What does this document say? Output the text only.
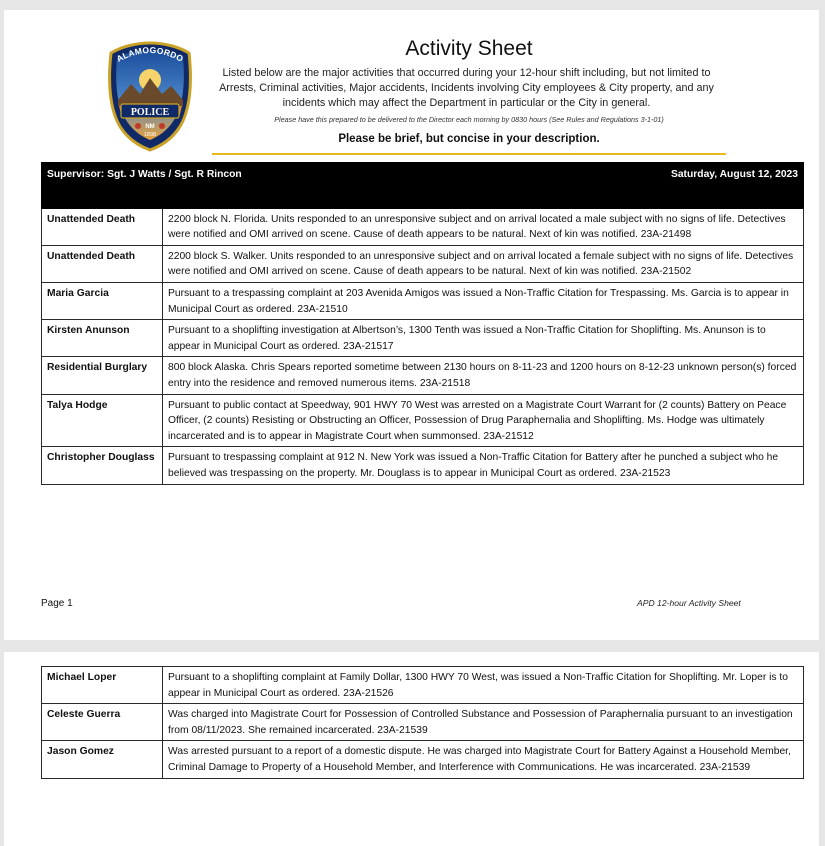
POLICE
ALAMOGORDO
NM
1898
Activity Sheet
Listed below are the major activities that occurred during your 12-hour shift including, but not limited to Arrests, Criminal activities, Major accidents, Incidents involving City employees & City property, and any incidents which may affect the Department in particular or the City in general.
Please have this prepared to be delivered to the Director each morning by 0830 hours (See Rules and Regulations 3-1-01)
Please be brief, but concise in your description.
Supervisor: Sgt. J Watts / Sgt. R Rincon		Saturday, August 12, 2023

Unattended Death	2200 block N. Florida. Units responded to an unresponsive subject and on arrival located a male subject with no signs of life. Detectives were notified and OMI arrived on scene. Cause of death appears to be natural. Next of kin was notified. 23A-21498	
Unattended Death	2200 block S. Walker. Units responded to an unresponsive subject and on arrival located a female subject with no signs of life. Detectives were notified and OMI arrived on scene. Cause of death appears to be natural. Next of kin was notified. 23A-21502	
Maria Garcia	Pursuant to a trespassing complaint at 203 Avenida Amigos was issued a Non-Traffic Citation for Trespassing. Ms. Garcia is to appear in Municipal Court as ordered. 23A-21510	
Kirsten Anunson	Pursuant to a shoplifting investigation at Albertson’s, 1300 Tenth was issued a Non-Traffic Citation for Shoplifting. Ms. Anunson is to appear in Municipal Court as ordered. 23A-21517	
Residential Burglary	800 block Alaska. Chris Spears reported sometime between 2130 hours on 8-11-23 and 1200 hours on 8-12-23 unknown person(s) forced entry into the residence and removed numerous items. 23A-21518	
Talya Hodge	Pursuant to public contact at Speedway, 901 HWY 70 West was arrested on a Magistrate Court Warrant for (2 counts) Battery on Peace Officer, (2 counts) Resisting or Obstructing an Officer, Possession of Drug Paraphernalia and Shoplifting. Ms. Hodge was ultimately incarcerated and is to appear in Magistrate Court when summonsed. 23A-21512	
Christopher Douglass	Pursuant to trespassing complaint at 912 N. New York was issued a Non-Traffic Citation for Battery after he punched a subject who he believed was trespassing on the property. Mr. Douglass is to appear in Municipal Court as ordered. 23A-21523	
Page 1	APD 12-hour Activity Sheet
Michael Loper	Pursuant to a shoplifting complaint at Family Dollar, 1300 HWY 70 West, was issued a Non-Traffic Citation for Shoplifting. Mr. Loper is to appear in Municipal Court as ordered. 23A-21526
Celeste Guerra	Was charged into Magistrate Court for Possession of Controlled Substance and Possession of Paraphernalia pursuant to an investigation from 08/11/2023. She remained incarcerated. 23A-21539
Jason Gomez	Was arrested pursuant to a report of a domestic dispute. He was charged into Magistrate Court for Battery Against a Household Member, Criminal Damage to Property of a Household Member, and Interference with Communications. He was incarcerated. 23A-21539
